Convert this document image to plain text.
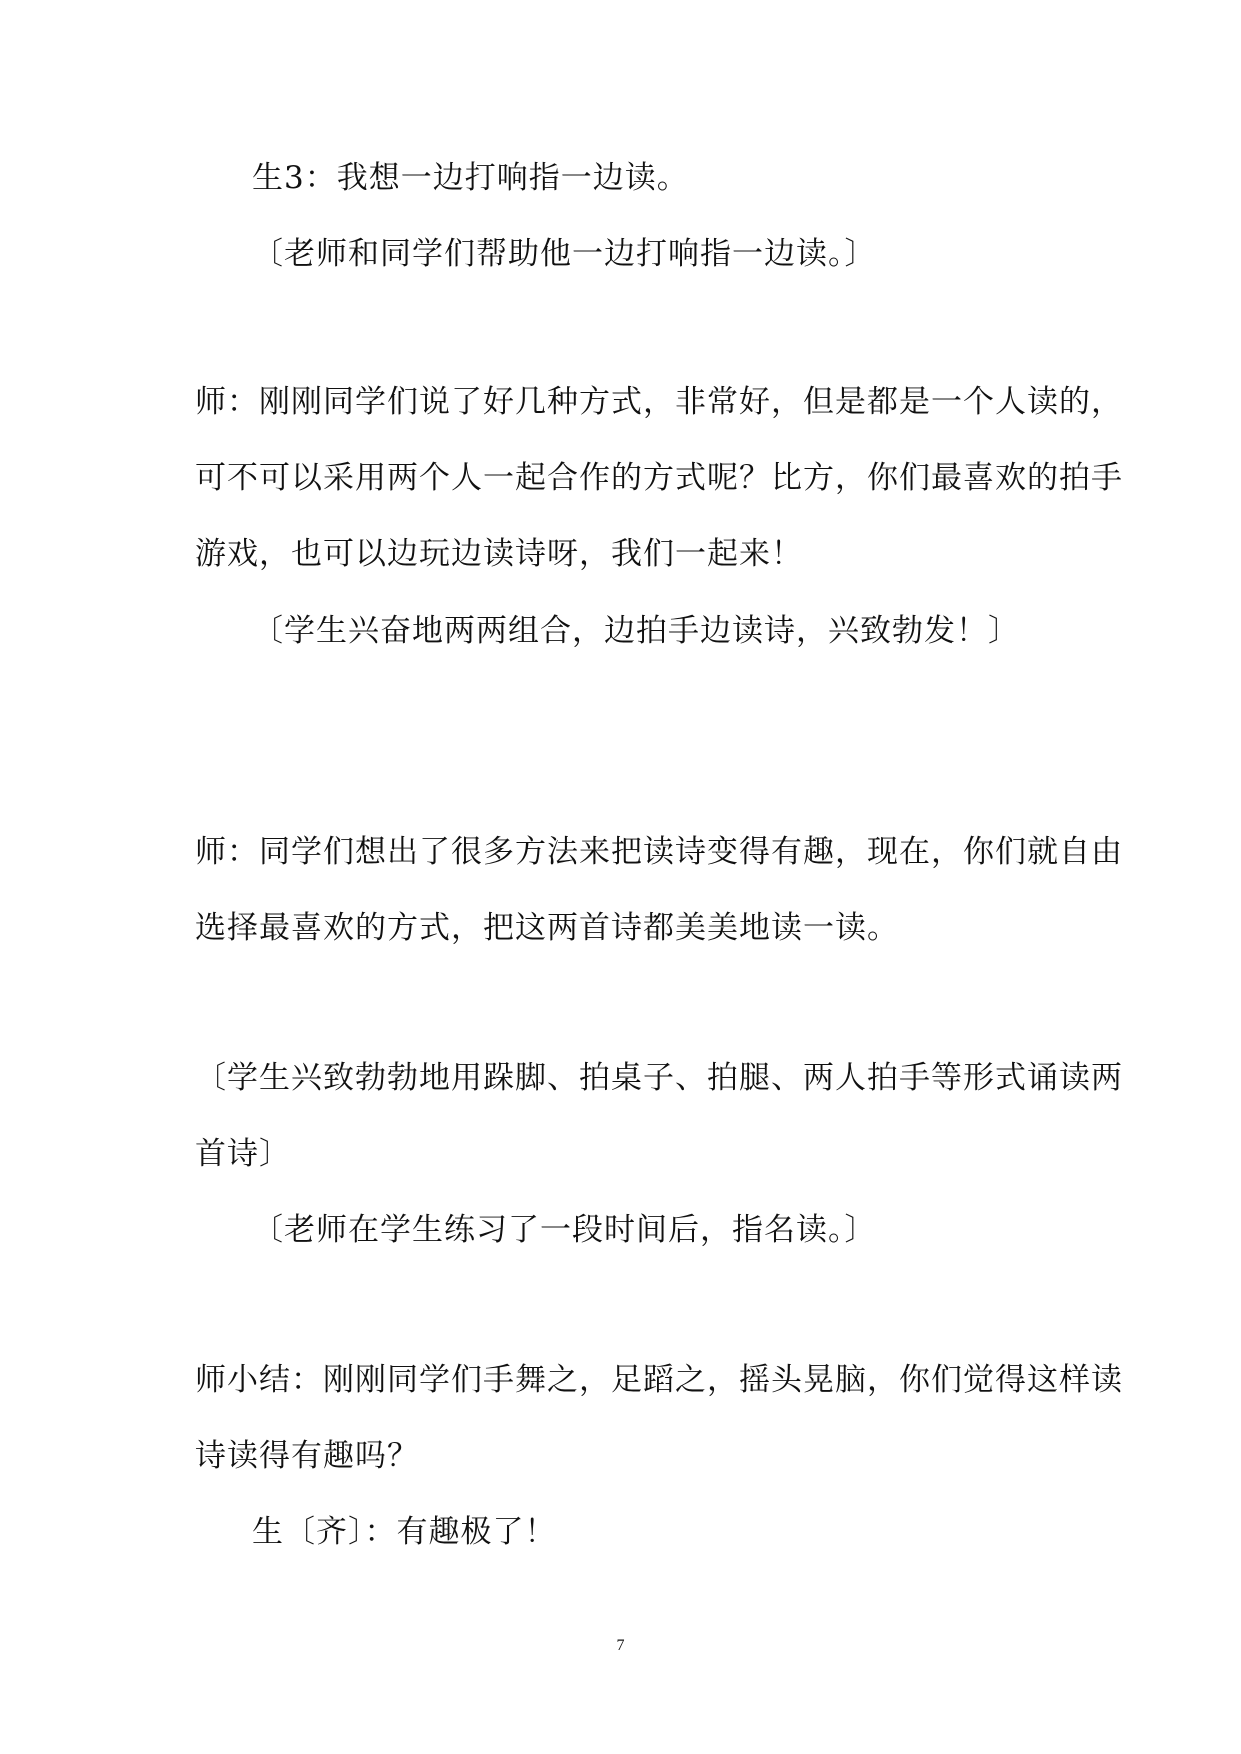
生3：我想一边打响指一边读。
〔老师和同学们帮助他一边打响指一边读。〕
师：刚刚同学们说了好几种方式，非常好，但是都是一个人读的，
可不可以采用两个人一起合作的方式呢？比方，你们最喜欢的拍手
游戏，也可以边玩边读诗呀，我们一起来！
〔学生兴奋地两两组合，边拍手边读诗，兴致勃发！〕
师：同学们想出了很多方法来把读诗变得有趣，现在，你们就自由
选择最喜欢的方式，把这两首诗都美美地读一读。
〔学生兴致勃勃地用跺脚、拍桌子、拍腿、两人拍手等形式诵读两
首诗〕
〔老师在学生练习了一段时间后，指名读。〕
师小结：刚刚同学们手舞之，足蹈之，摇头晃脑，你们觉得这样读
诗读得有趣吗？
生〔齐〕：有趣极了！
7
